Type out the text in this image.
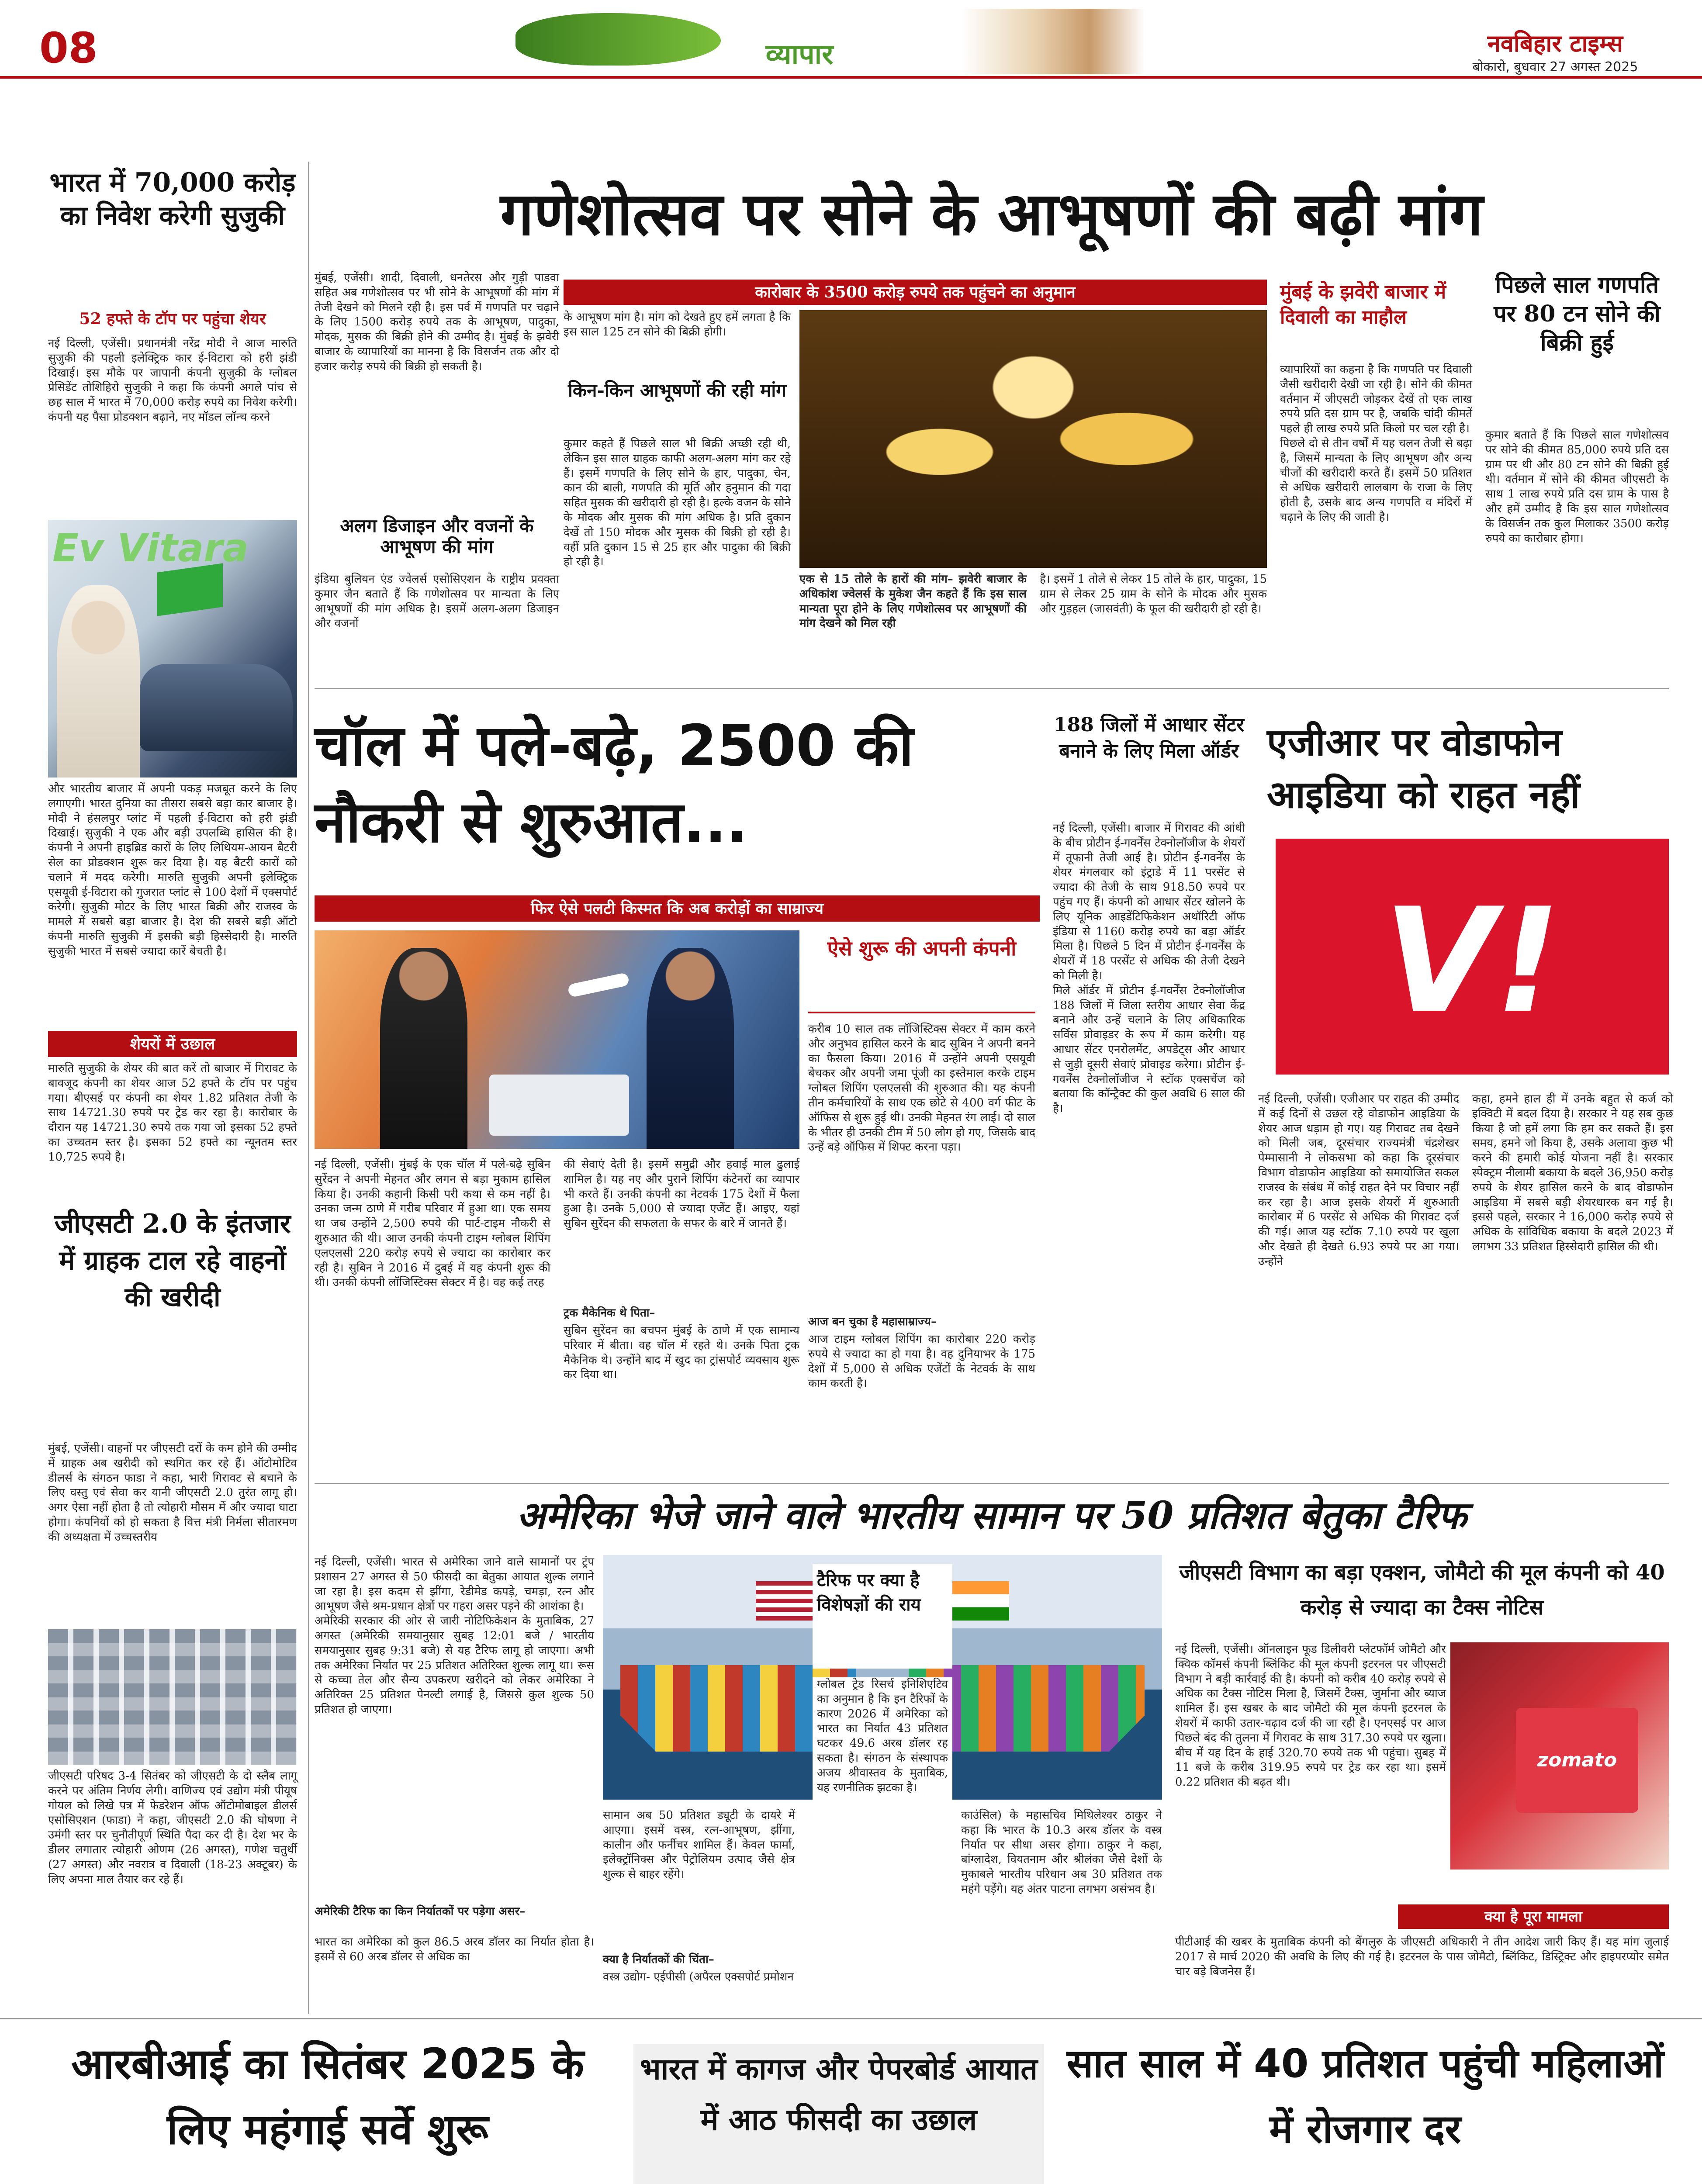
08	व्यापार	नवबिहार टाइम्स
बोकारो, बुधवार 27 अगस्त 2025
भारत में 70,000 करोड़ का निवेश करेगी सुजुकी
52 हफ्ते के टॉप पर पहुंचा शेयर
नई दिल्ली, एजेंसी। प्रधानमंत्री नरेंद्र मोदी ने आज मारुति सुजुकी की पहली इलेक्ट्रिक कार ई-विटारा को हरी झंडी दिखाई। इस मौके पर जापानी कंपनी सुजुकी के ग्लोबल प्रेसिडेंट तोशिहिरो सुजुकी ने कहा कि कंपनी अगले पांच से छह साल में भारत में 70,000 करोड़ रुपये का निवेश करेगी। कंपनी यह पैसा प्रोडक्शन बढ़ाने, नए मॉडल लॉन्च करने
Ev Vitara
और भारतीय बाजार में अपनी पकड़ मजबूत करने के लिए लगाएगी। भारत दुनिया का तीसरा सबसे बड़ा कार बाजार है। मोदी ने हंसलपुर प्लांट में पहली ई-विटारा को हरी झंडी दिखाई। सुजुकी ने एक और बड़ी उपलब्धि हासिल की है। कंपनी ने अपनी हाइब्रिड कारों के लिए लिथियम-आयन बैटरी सेल का प्रोडक्शन शुरू कर दिया है। यह बैटरी कारों को चलाने में मदद करेगी। मारुति सुजुकी अपनी इलेक्ट्रिक एसयूवी ई-विटारा को गुजरात प्लांट से 100 देशों में एक्सपोर्ट करेगी। सुजुकी मोटर के लिए भारत बिक्री और राजस्व के मामले में सबसे बड़ा बाजार है। देश की सबसे बड़ी ऑटो कंपनी मारुति सुजुकी में इसकी बड़ी हिस्सेदारी है। मारुति सुजुकी भारत में सबसे ज्यादा कारें बेचती है।
शेयरों में उछाल
मारुति सुजुकी के शेयर की बात करें तो बाजार में गिरावट के बावजूद कंपनी का शेयर आज 52 हफ्ते के टॉप पर पहुंच गया। बीएसई पर कंपनी का शेयर 1.82 प्रतिशत तेजी के साथ 14721.30 रुपये पर ट्रेड कर रहा है। कारोबार के दौरान यह 14721.30 रुपये तक गया जो इसका 52 हफ्ते का उच्चतम स्तर है। इसका 52 हफ्ते का न्यूनतम स्तर 10,725 रुपये है।
जीएसटी 2.0 के इंतजार में ग्राहक टाल रहे वाहनों की खरीदी
मुंबई, एजेंसी। वाहनों पर जीएसटी दरों के कम होने की उम्मीद में ग्राहक अब खरीदी को स्थगित कर रहे हैं। ऑटोमोटिव डीलर्स के संगठन फाडा ने कहा, भारी गिरावट से बचाने के लिए वस्तु एवं सेवा कर यानी जीएसटी 2.0 तुरंत लागू हो। अगर ऐसा नहीं होता है तो त्योहारी मौसम में और ज्यादा घाटा होगा। कंपनियों को हो सकता है वित्त मंत्री निर्मला सीतारमण की अध्यक्षता में उच्चस्तरीय
जीएसटी परिषद 3-4 सितंबर को जीएसटी के दो स्लैब लागू करने पर अंतिम निर्णय लेगी। वाणिज्य एवं उद्योग मंत्री पीयूष गोयल को लिखे पत्र में फेडरेशन ऑफ ऑटोमोबाइल डीलर्स एसोसिएशन (फाडा) ने कहा, जीएसटी 2.0 की घोषणा ने उमंगी स्तर पर चुनौतीपूर्ण स्थिति पैदा कर दी है। देश भर के डीलर लगातार त्योहारी ओणम (26 अगस्त), गणेश चतुर्थी (27 अगस्त) और नवरात्र व दिवाली (18-23 अक्टूबर) के लिए अपना माल तैयार कर रहे हैं।
गणेशोत्सव पर सोने के आभूषणों की बढ़ी मांग
मुंबई, एजेंसी। शादी, दिवाली, धनतेरस और गुड़ी पाडवा सहित अब गणेशोत्सव पर भी सोने के आभूषणों की मांग में तेजी देखने को मिलने रही है। इस पर्व में गणपति पर चढ़ाने के लिए 1500 करोड़ रुपये तक के आभूषण, पादुका, मोदक, मुसक की बिक्री होने की उम्मीद है। मुंबई के झवेरी बाजार के व्यापारियों का मानना है कि विसर्जन तक और दो हजार करोड़ रुपये की बिक्री हो सकती है।
अलग डिजाइन और वजनों के आभूषण की मांग
इंडिया बुलियन एंड ज्वेलर्स एसोसिएशन के राष्ट्रीय प्रवक्ता कुमार जैन बताते हैं कि गणेशोत्सव पर मान्यता के लिए आभूषणों की मांग अधिक है। इसमें अलग-अलग डिजाइन और वजनों
कारोबार के 3500 करोड़ रुपये तक पहुंचने का अनुमान
के आभूषण मांग है। मांग को देखते हुए हमें लगता है कि इस साल 125 टन सोने की बिक्री होगी।
किन-किन आभूषणों की रही मांग
कुमार कहते हैं पिछले साल भी बिक्री अच्छी रही थी, लेकिन इस साल ग्राहक काफी अलग-अलग मांग कर रहे हैं। इसमें गणपति के लिए सोने के हार, पादुका, चेन, कान की बाली, गणपति की मूर्ति और हनुमान की गदा सहित मुसक की खरीदारी हो रही है। हल्के वजन के सोने के मोदक और मुसक की मांग अधिक है। प्रति दुकान देखें तो 150 मोदक और मुसक की बिक्री हो रही है। वहीं प्रति दुकान 15 से 25 हार और पादुका की बिक्री हो रही है।
एक से 15 तोले के हारों की मांग– झवेरी बाजार के अधिकांश ज्वेलर्स के मुकेश जैन कहते हैं कि इस साल मान्यता पूरा होने के लिए गणेशोत्सव पर आभूषणों की मांग देखने को मिल रही
है। इसमें 1 तोले से लेकर 15 तोले के हार, पादुका, 15 ग्राम से लेकर 25 ग्राम के सोने के मोदक और मुसक और गुड़हल (जासवंती) के फूल की खरीदारी हो रही है।
मुंबई के झवेरी बाजार में दिवाली का माहौल
व्यापारियों का कहना है कि गणपति पर दिवाली जैसी खरीदारी देखी जा रही है। सोने की कीमत वर्तमान में जीएसटी जोड़कर देखें तो एक लाख रुपये प्रति दस ग्राम पर है, जबकि चांदी कीमतें पहले ही लाख रुपये प्रति किलो पर चल रही है।
पिछले दो से तीन वर्षों में यह चलन तेजी से बढ़ा है, जिसमें मान्यता के लिए आभूषण और अन्य चीजों की खरीदारी करते हैं। इसमें 50 प्रतिशत से अधिक खरीदारी लालबाग के राजा के लिए होती है, उसके बाद अन्य गणपति व मंदिरों में चढ़ाने के लिए की जाती है।
पिछले साल गणपति पर 80 टन सोने की बिक्री हुई
कुमार बताते हैं कि पिछले साल गणेशोत्सव पर सोने की कीमत 85,000 रुपये प्रति दस ग्राम पर थी और 80 टन सोने की बिक्री हुई थी। वर्तमान में सोने की कीमत जीएसटी के साथ 1 लाख रुपये प्रति दस ग्राम के पास है और हमें उम्मीद है कि इस साल गणेशोत्सव के विसर्जन तक कुल मिलाकर 3500 करोड़ रुपये का कारोबार होगा।
चॉल में पले-बढ़े, 2500 की नौकरी से शुरुआत...
फिर ऐसे पलटी किस्मत कि अब करोड़ों का साम्राज्य
नई दिल्ली, एजेंसी। मुंबई के एक चॉल में पले-बढ़े सुबिन सुरेंदन ने अपनी मेहनत और लगन से बड़ा मुकाम हासिल किया है। उनकी कहानी किसी परी कथा से कम नहीं है। उनका जन्म ठाणे में गरीब परिवार में हुआ था। एक समय था जब उन्होंने 2,500 रुपये की पार्ट-टाइम नौकरी से शुरुआत की थी। आज उनकी कंपनी टाइम ग्लोबल शिपिंग एलएलसी 220 करोड़ रुपये से ज्यादा का कारोबार कर रही है। सुबिन ने 2016 में दुबई में यह कंपनी शुरू की थी। उनकी कंपनी लॉजिस्टिक्स सेक्टर में है। वह कई तरह
की सेवाएं देती है। इसमें समुद्री और हवाई माल ढुलाई शामिल है। यह नए और पुराने शिपिंग कंटेनरों का व्यापार भी करते हैं। उनकी कंपनी का नेटवर्क 175 देशों में फैला हुआ है। उनके 5,000 से ज्यादा एजेंट हैं। आइए, यहां सुबिन सुरेंदन की सफलता के सफर के बारे में जानते हैं।
ट्रक मैकेनिक थे पिता–
सुबिन सुरेंदन का बचपन मुंबई के ठाणे में एक सामान्य परिवार में बीता। वह चॉल में रहते थे। उनके पिता ट्रक मैकेनिक थे। उन्होंने बाद में खुद का ट्रांसपोर्ट व्यवसाय शुरू कर दिया था।
ऐसे शुरू की अपनी कंपनी
करीब 10 साल तक लॉजिस्टिक्स सेक्टर में काम करने और अनुभव हासिल करने के बाद सुबिन ने अपनी बनने का फैसला किया। 2016 में उन्होंने अपनी एसयूवी बेचकर और अपनी जमा पूंजी का इस्तेमाल करके टाइम ग्लोबल शिपिंग एलएलसी की शुरुआत की। यह कंपनी तीन कर्मचारियों के साथ एक छोटे से 400 वर्ग फीट के ऑफिस से शुरू हुई थी। उनकी मेहनत रंग लाई। दो साल के भीतर ही उनकी टीम में 50 लोग हो गए, जिसके बाद उन्हें बड़े ऑफिस में शिफ्ट करना पड़ा।
आज बन चुका है महासाम्राज्य–
आज टाइम ग्लोबल शिपिंग का कारोबार 220 करोड़ रुपये से ज्यादा का हो गया है। वह दुनियाभर के 175 देशों में 5,000 से अधिक एजेंटों के नेटवर्क के साथ काम करती है।
188 जिलों में आधार सेंटर बनाने के लिए मिला ऑर्डर
नई दिल्ली, एजेंसी। बाजार में गिरावट की आंधी के बीच प्रोटीन ई-गवर्नेंस टेक्नोलॉजीज के शेयरों में तूफानी तेजी आई है। प्रोटीन ई-गवर्नेंस के शेयर मंगलवार को इंट्राडे में 11 परसेंट से ज्यादा की तेजी के साथ 918.50 रुपये पर पहुंच गए हैं। कंपनी को आधार सेंटर खोलने के लिए यूनिक आइडेंटिफिकेशन अथॉरिटी ऑफ इंडिया से 1160 करोड़ रुपये का बड़ा ऑर्डर मिला है। पिछले 5 दिन में प्रोटीन ई-गवर्नेंस के शेयरों में 18 परसेंट से अधिक की तेजी देखने को मिली है।
मिले ऑर्डर में प्रोटीन ई-गवर्नेंस टेक्नोलॉजीज 188 जिलों में जिला स्तरीय आधार सेवा केंद्र बनाने और उन्हें चलाने के लिए अधिकारिक सर्विस प्रोवाइडर के रूप में काम करेगी। यह आधार सेंटर एनरोलमेंट, अपडेट्स और आधार से जुड़ी दूसरी सेवाएं प्रोवाइड करेगा। प्रोटीन ई-गवर्नेंस टेक्नोलॉजीज ने स्टॉक एक्सचेंज को बताया कि कॉन्ट्रैक्ट की कुल अवधि 6 साल की है।
एजीआर पर वोडाफोन आइडिया को राहत नहीं
V!
नई दिल्ली, एजेंसी। एजीआर पर राहत की उम्मीद में कई दिनों से उछल रहे वोडाफोन आइडिया के शेयर आज धड़ाम हो गए। यह गिरावट तब देखने को मिली जब, दूरसंचार राज्यमंत्री चंद्रशेखर पेम्मासानी ने लोकसभा को कहा कि दूरसंचार विभाग वोडाफोन आइडिया को समायोजित सकल राजस्व के संबंध में कोई राहत देने पर विचार नहीं कर रहा है। आज इसके शेयरों में शुरुआती कारोबार में 6 परसेंट से अधिक की गिरावट दर्ज की गई। आज यह स्टॉक 7.10 रुपये पर खुला और देखते ही देखते 6.93 रुपये पर आ गया। उन्होंने
कहा, हमने हाल ही में उनके बहुत से कर्ज को इक्विटी में बदल दिया है। सरकार ने यह सब कुछ किया है जो हमें लगा कि हम कर सकते हैं। इस समय, हमने जो किया है, उसके अलावा कुछ भी करने की हमारी कोई योजना नहीं है। सरकार स्पेक्ट्रम नीलामी बकाया के बदले 36,950 करोड़ रुपये के शेयर हासिल करने के बाद वोडाफोन आइडिया में सबसे बड़ी शेयरधारक बन गई है। इससे पहले, सरकार ने 16,000 करोड़ रुपये से अधिक के सांविधिक बकाया के बदले 2023 में लगभग 33 प्रतिशत हिस्सेदारी हासिल की थी।
अमेरिका भेजे जाने वाले भारतीय सामान पर 50 प्रतिशत बेतुका टैरिफ
नई दिल्ली, एजेंसी। भारत से अमेरिका जाने वाले सामानों पर ट्रंप प्रशासन 27 अगस्त से 50 फीसदी का बेतुका आयात शुल्क लगाने जा रहा है। इस कदम से झींगा, रेडीमेड कपड़े, चमड़ा, रत्न और आभूषण जैसे श्रम-प्रधान क्षेत्रों पर गहरा असर पड़ने की आशंका है।
अमेरिकी सरकार की ओर से जारी नोटिफिकेशन के मुताबिक, 27 अगस्त (अमेरिकी समयानुसार सुबह 12:01 बजे / भारतीय समयानुसार सुबह 9:31 बजे) से यह टैरिफ लागू हो जाएगा। अभी तक अमेरिका निर्यात पर 25 प्रतिशत अतिरिक्त शुल्क लागू था। रूस से कच्चा तेल और सैन्य उपकरण खरीदने को लेकर अमेरिका ने अतिरिक्त 25 प्रतिशत पेनल्टी लगाई है, जिससे कुल शुल्क 50 प्रतिशत हो जाएगा।
अमेरिकी टैरिफ का किन निर्यातकों पर पड़ेगा असर–
भारत का अमेरिका को कुल 86.5 अरब डॉलर का निर्यात होता है। इसमें से 60 अरब डॉलर से अधिक का
टैरिफ पर क्या है विशेषज्ञों की राय
सामान अब 50 प्रतिशत ड्यूटी के दायरे में आएगा। इसमें वस्त्र, रत्न-आभूषण, झींगा, कालीन और फर्नीचर शामिल हैं। केवल फार्मा, इलेक्ट्रॉनिक्स और पेट्रोलियम उत्पाद जैसे क्षेत्र शुल्क से बाहर रहेंगे।
क्या है निर्यातकों की चिंता–
वस्त्र उद्योग- एईपीसी (अपैरल एक्सपोर्ट प्रमोशन
ग्लोबल ट्रेड रिसर्च इनिशिएटिव का अनुमान है कि इन टैरिफों के कारण 2026 में अमेरिका को भारत का निर्यात 43 प्रतिशत घटकर 49.6 अरब डॉलर रह सकता है। संगठन के संस्थापक अजय श्रीवास्तव के मुताबिक, यह रणनीतिक झटका है।
काउंसिल) के महासचिव मिथिलेश्वर ठाकुर ने कहा कि भारत के 10.3 अरब डॉलर के वस्त्र निर्यात पर सीधा असर होगा। ठाकुर ने कहा, बांग्लादेश, वियतनाम और श्रीलंका जैसे देशों के मुकाबले भारतीय परिधान अब 30 प्रतिशत तक महंगे पड़ेंगे। यह अंतर पाटना लगभग असंभव है।
जीएसटी विभाग का बड़ा एक्शन, जोमैटो की मूल कंपनी को 40 करोड़ से ज्यादा का टैक्स नोटिस
नई दिल्ली, एजेंसी। ऑनलाइन फूड डिलीवरी प्लेटफॉर्म जोमैटो और क्विक कॉमर्स कंपनी ब्लिंकिट की मूल कंपनी इटरनल पर जीएसटी विभाग ने बड़ी कार्रवाई की है। कंपनी को करीब 40 करोड़ रुपये से अधिक का टैक्स नोटिस मिला है, जिसमें टैक्स, जुर्माना और ब्याज शामिल हैं। इस खबर के बाद जोमैटो की मूल कंपनी इटरनल के शेयरों में काफी उतार-चढ़ाव दर्ज की जा रही है। एनएसई पर आज पिछले बंद की तुलना में गिरावट के साथ 317.30 रुपये पर खुला। बीच में यह दिन के हाई 320.70 रुपये तक भी पहुंचा। सुबह में 11 बजे के करीब 319.95 रुपये पर ट्रेड कर रहा था। इसमें 0.22 प्रतिशत की बढ़त थी।
zomato
क्या है पूरा मामला
पीटीआई की खबर के मुताबिक कंपनी को बेंगलुरु के जीएसटी अधिकारी ने तीन आदेश जारी किए हैं। यह मांग जुलाई 2017 से मार्च 2020 की अवधि के लिए की गई है। इटरनल के पास जोमैटो, ब्लिंकिट, डिस्ट्रिक्ट और हाइपरप्योर समेत चार बड़े बिजनेस हैं।
आरबीआई का सितंबर 2025 के लिए महंगाई सर्वे शुरू
भारत में कागज और पेपरबोर्ड आयात में आठ फीसदी का उछाल
सात साल में 40 प्रतिशत पहुंची महिलाओं में रोजगार दर
